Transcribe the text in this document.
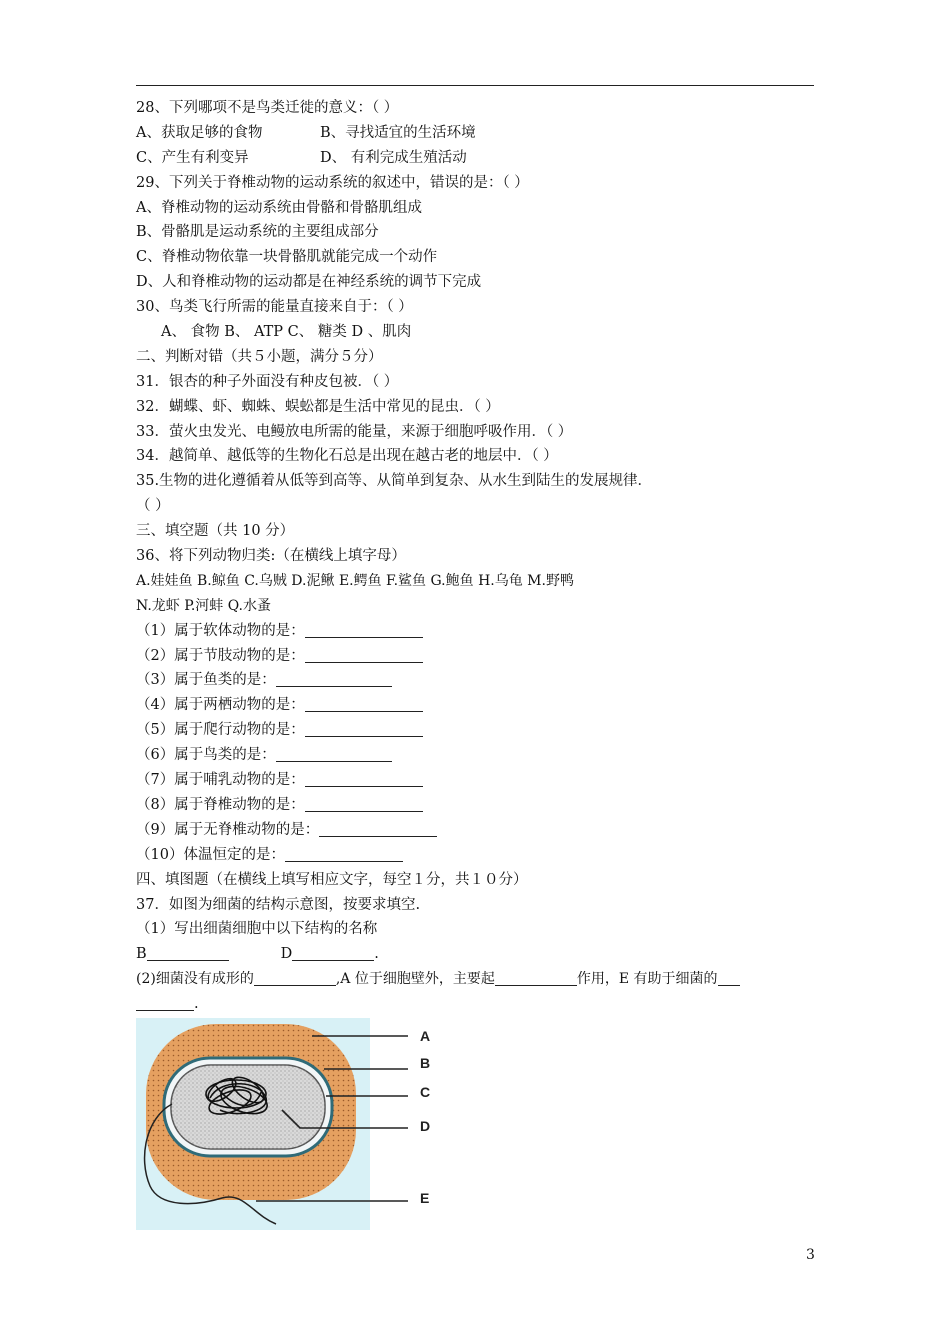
28、下列哪项不是鸟类迁徙的意义：（ ）
A、获取足够的食物	B、寻找适宜的生活环境
C、产生有利变异	D、 有利完成生殖活动
29、下列关于脊椎动物的运动系统的叙述中，错误的是：（ ）
A、脊椎动物的运动系统由骨骼和骨骼肌组成
B、骨骼肌是运动系统的主要组成部分
C、脊椎动物依靠一块骨骼肌就能完成一个动作
D、人和脊椎动物的运动都是在神经系统的调节下完成
30、鸟类飞行所需的能量直接来自于：（ ）
A、 食物 B、 ATP C、 糖类 D 、肌肉
二、判断对错（共５小题，满分５分）
31．银杏的种子外面没有种皮包被．（ ）
32．蝴蝶、虾、蜘蛛、蜈蚣都是生活中常见的昆虫．（ ）
33．萤火虫发光、电鳗放电所需的能量，来源于细胞呼吸作用．（ ）
34．越简单、越低等的生物化石总是出现在越古老的地层中．（ ）
35.生物的进化遵循着从低等到高等、从简单到复杂、从水生到陆生的发展规律．
（ ）
三、填空题（共 10 分）
36、将下列动物归类:（在横线上填字母）
A.娃娃鱼 B.鲸鱼 C.乌贼 D.泥鳅 E.鳄鱼 F.鲨鱼 G.鲍鱼 H.乌龟 M.野鸭
N.龙虾 P.河蚌 Q.水蚤
（1）属于软体动物的是：
（2）属于节肢动物的是：
（3）属于鱼类的是：
（4）属于两栖动物的是：
（5）属于爬行动物的是：
（6）属于鸟类的是：
（7）属于哺乳动物的是：
（8）属于脊椎动物的是：
（9）属于无脊椎动物的是：
（10）体温恒定的是：
四、填图题（在横线上填写相应文字，每空１分，共１０分）
37．如图为细菌的结构示意图，按要求填空.
（1）写出细菌细胞中以下结构的名称
B	D	.
(2)细菌没有成形的	,A 位于细胞壁外，主要起	作用，E 有助于细菌的
.
A
B
C
D
E
3
